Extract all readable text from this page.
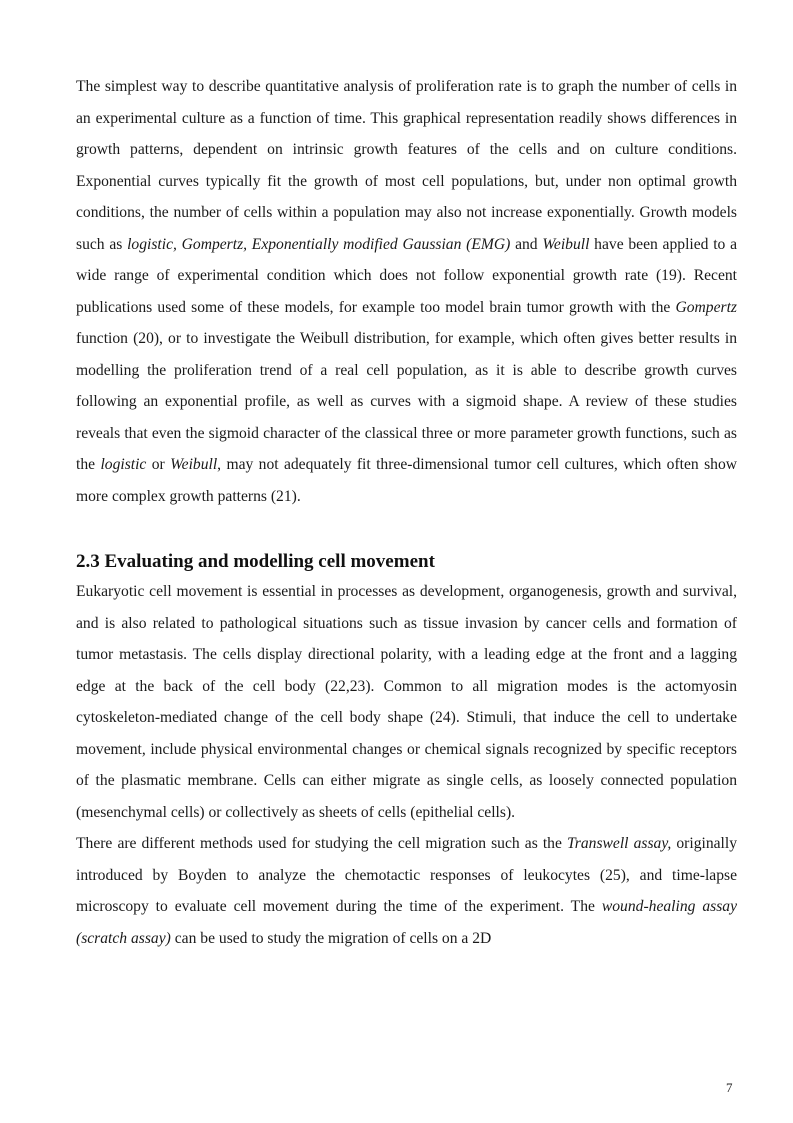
The simplest way to describe quantitative analysis of proliferation rate is to graph the number of cells in an experimental culture as a function of time. This graphical representation readily shows differences in growth patterns, dependent on intrinsic growth features of the cells and on culture conditions. Exponential curves typically fit the growth of most cell populations, but, under non optimal growth conditions, the number of cells within a population may also not increase exponentially. Growth models such as logistic, Gompertz, Exponentially modified Gaussian (EMG) and Weibull have been applied to a wide range of experimental condition which does not follow exponential growth rate (19). Recent publications used some of these models, for example too model brain tumor growth with the Gompertz function (20), or to investigate the Weibull distribution, for example, which often gives better results in modelling the proliferation trend of a real cell population, as it is able to describe growth curves following an exponential profile, as well as curves with a sigmoid shape. A review of these studies reveals that even the sigmoid character of the classical three or more parameter growth functions, such as the logistic or Weibull, may not adequately fit three-dimensional tumor cell cultures, which often show more complex growth patterns (21).

2.3 Evaluating and modelling cell movement

Eukaryotic cell movement is essential in processes as development, organogenesis, growth and survival, and is also related to pathological situations such as tissue invasion by cancer cells and formation of tumor metastasis. The cells display directional polarity, with a leading edge at the front and a lagging edge at the back of the cell body (22,23). Common to all migration modes is the actomyosin cytoskeleton-mediated change of the cell body shape (24). Stimuli, that induce the cell to undertake movement, include physical environmental changes or chemical signals recognized by specific receptors of the plasmatic membrane. Cells can either migrate as single cells, as loosely connected population (mesenchymal cells) or collectively as sheets of cells (epithelial cells).

There are different methods used for studying the cell migration such as the Transwell assay, originally introduced by Boyden to analyze the chemotactic responses of leukocytes (25), and time-lapse microscopy to evaluate cell movement during the time of the experiment. The wound-healing assay (scratch assay) can be used to study the migration of cells on a 2D

7
